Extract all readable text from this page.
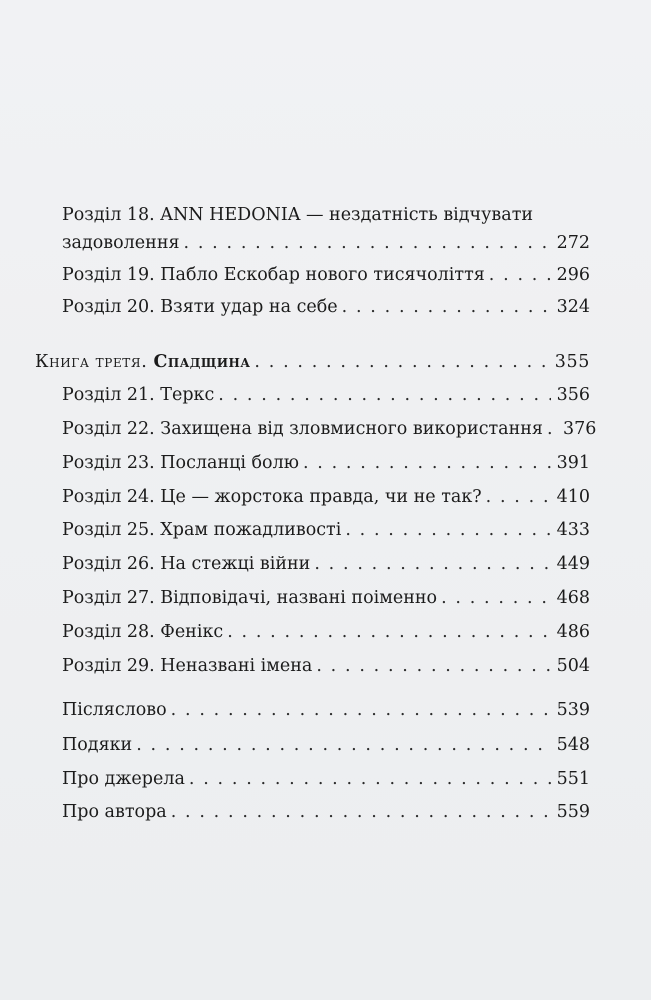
Розділ 18. ANN HEDONIA — нездатність відчувати
задоволення . . .	272
Розділ 19. Пабло Ескобар нового тисячоліття . . .	296
Розділ 20. Взяти удар на себе . . .	324
Книга третя. Спадщина . . .	355
Розділ 21. Теркс . . .	356
Розділ 22. Захищена від зловмисного використання . . .	376
Розділ 23. Посланці болю . . .	391
Розділ 24. Це — жорстока правда, чи не так? . . .	410
Розділ 25. Храм пожадливості . . .	433
Розділ 26. На стежці війни . . .	449
Розділ 27. Відповідачі, названі поіменно . . .	468
Розділ 28. Фенікс . . .	486
Розділ 29. Неназвані імена . . .	504
Післяслово . . .	539
Подяки . . .	548
Про джерела . . .	551
Про автора . . .	559
